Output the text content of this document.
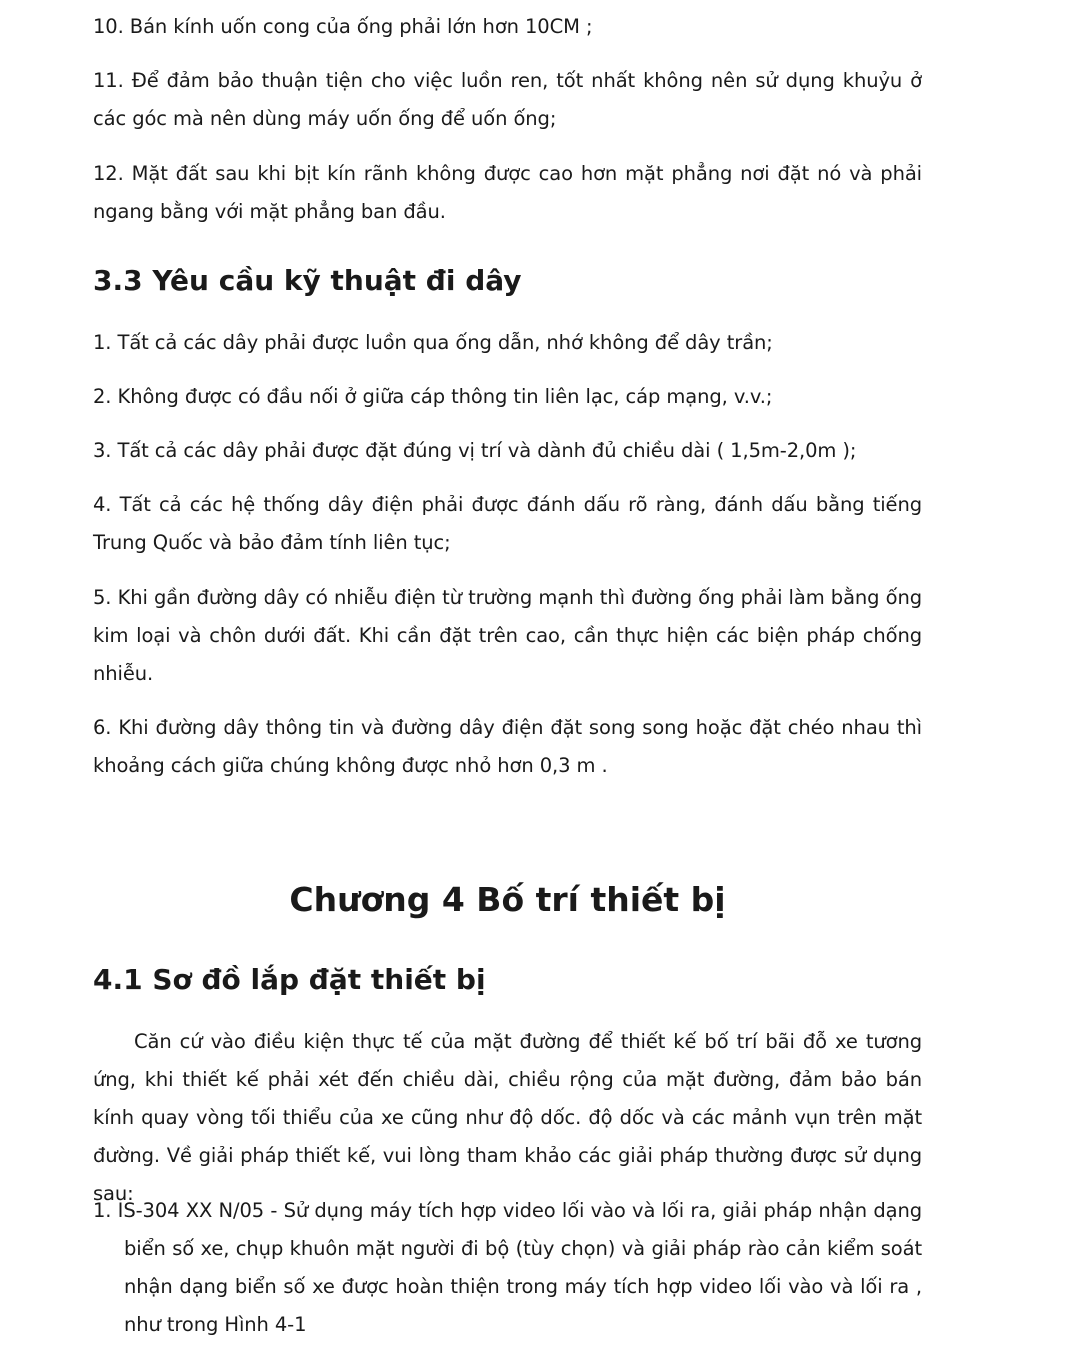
10. Bán kính uốn cong của ống phải lớn hơn 10CM ;

11. Để đảm bảo thuận tiện cho việc luồn ren, tốt nhất không nên sử dụng khuỷu ở các góc mà nên dùng máy uốn ống để uốn ống;

12. Mặt đất sau khi bịt kín rãnh không được cao hơn mặt phẳng nơi đặt nó và phải ngang bằng với mặt phẳng ban đầu.

3.3 Yêu cầu kỹ thuật đi dây

1. Tất cả các dây phải được luồn qua ống dẫn, nhớ không để dây trần;

2. Không được có đầu nối ở giữa cáp thông tin liên lạc, cáp mạng, v.v.;

3. Tất cả các dây phải được đặt đúng vị trí và dành đủ chiều dài ( 1,5m-2,0m );

4. Tất cả các hệ thống dây điện phải được đánh dấu rõ ràng, đánh dấu bằng tiếng Trung Quốc và bảo đảm tính liên tục;

5. Khi gần đường dây có nhiễu điện từ trường mạnh thì đường ống phải làm bằng ống kim loại và chôn dưới đất. Khi cần đặt trên cao, cần thực hiện các biện pháp chống nhiễu.

6. Khi đường dây thông tin và đường dây điện đặt song song hoặc đặt chéo nhau thì khoảng cách giữa chúng không được nhỏ hơn 0,3 m .

Chương 4 Bố trí thiết bị
4.1 Sơ đồ lắp đặt thiết bị

Căn cứ vào điều kiện thực tế của mặt đường để thiết kế bố trí bãi đỗ xe tương ứng, khi thiết kế phải xét đến chiều dài, chiều rộng của mặt đường, đảm bảo bán kính quay vòng tối thiểu của xe cũng như độ dốc. độ dốc và các mảnh vụn trên mặt đường. Về giải pháp thiết kế, vui lòng tham khảo các giải pháp thường được sử dụng sau:

1. IS-304 XX N/05 - Sử dụng máy tích hợp video lối vào và lối ra, giải pháp nhận dạng biển số xe, chụp khuôn mặt người đi bộ (tùy chọn) và giải pháp rào cản kiểm soát nhận dạng biển số xe được hoàn thiện trong máy tích hợp video lối vào và lối ra , như trong Hình 4-1
